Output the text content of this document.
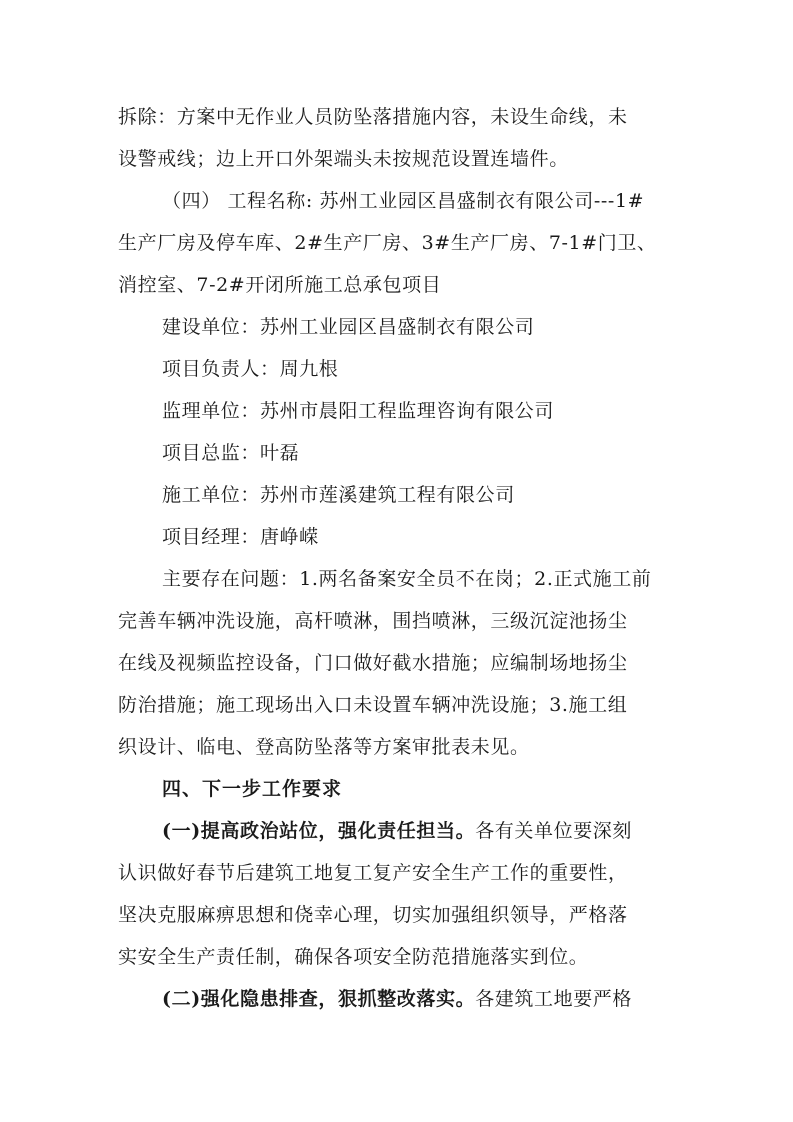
拆除：方案中无作业人员防坠落措施内容，未设生命线，未
设警戒线；边上开口外架端头未按规范设置连墙件。
（四） 工程名称: 苏州工业园区昌盛制衣有限公司---1#
生产厂房及停车库、2#生产厂房、3#生产厂房、7-1#门卫、
消控室、7-2#开闭所施工总承包项目
建设单位：苏州工业园区昌盛制衣有限公司
项目负责人：周九根
监理单位：苏州市晨阳工程监理咨询有限公司
项目总监：叶磊
施工单位：苏州市莲溪建筑工程有限公司
项目经理：唐峥嵘
主要存在问题：1.两名备案安全员不在岗；2.正式施工前
完善车辆冲洗设施，高杆喷淋，围挡喷淋，三级沉淀池扬尘
在线及视频监控设备，门口做好截水措施；应编制场地扬尘
防治措施；施工现场出入口未设置车辆冲洗设施；3.施工组
织设计、临电、登高防坠落等方案审批表未见。
四、下一步工作要求
(一)提高政治站位，强化责任担当。各有关单位要深刻
认识做好春节后建筑工地复工复产安全生产工作的重要性，
坚决克服麻痹思想和侥幸心理，切实加强组织领导，严格落
实安全生产责任制，确保各项安全防范措施落实到位。
(二)强化隐患排查，狠抓整改落实。各建筑工地要严格
